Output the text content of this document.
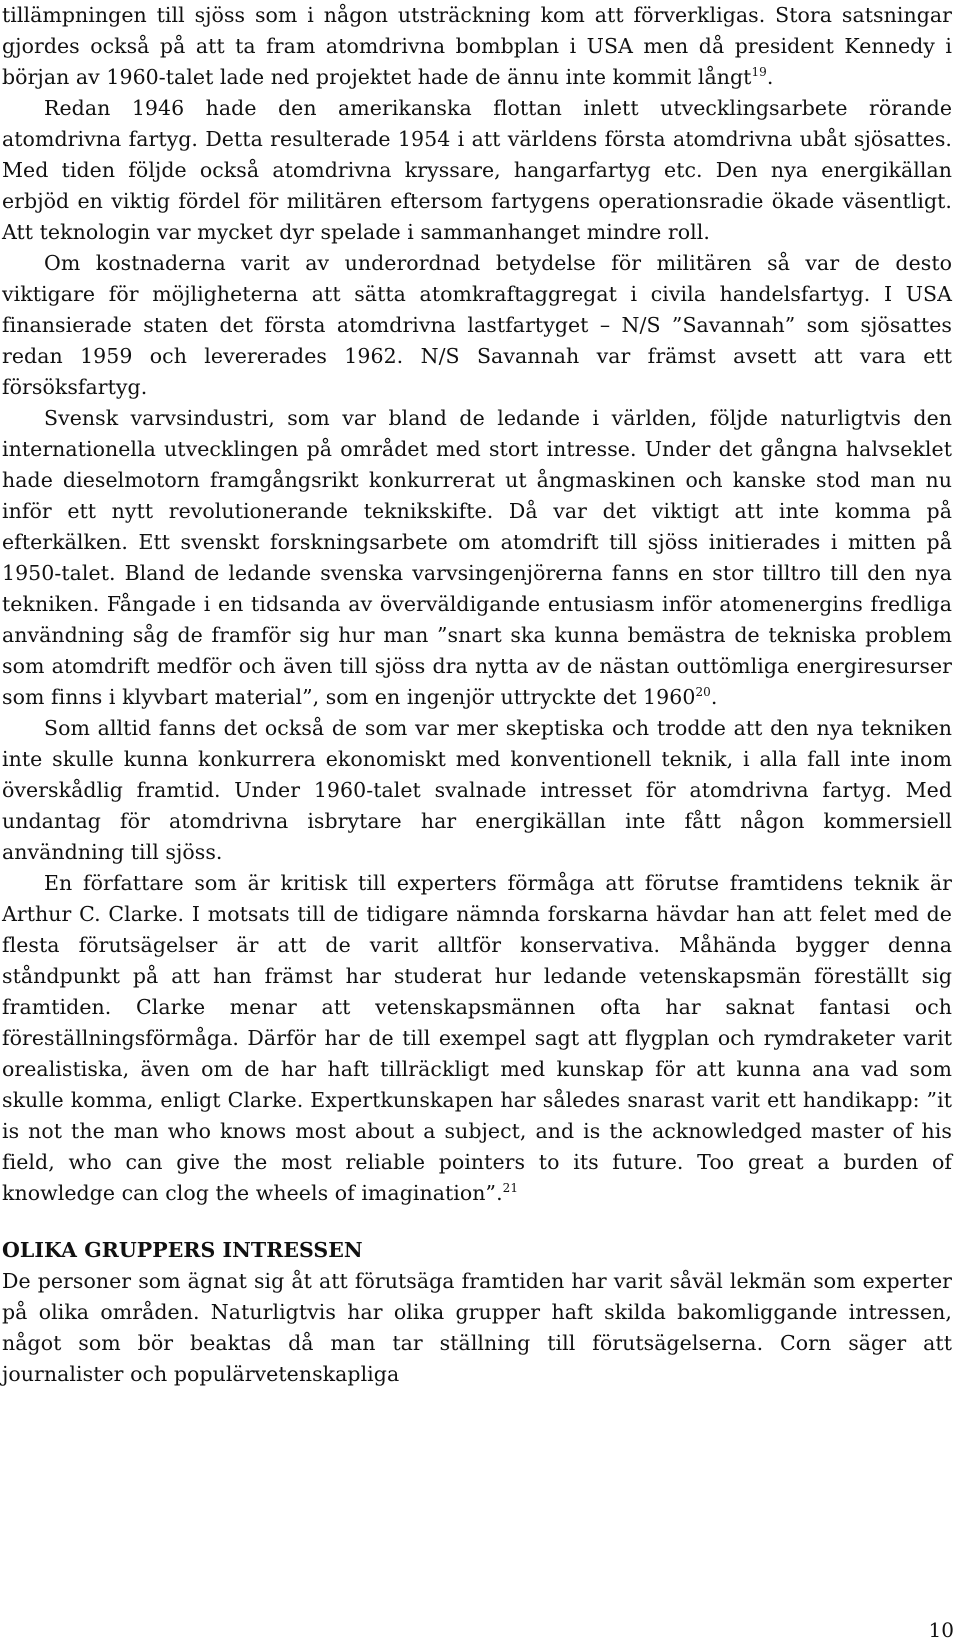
tillämpningen till sjöss som i någon utsträckning kom att förverkligas. Stora satsningar gjordes också på att ta fram atomdrivna bombplan i USA men då president Kennedy i början av 1960-talet lade ned projektet hade de ännu inte kommit långt$^{19}$.

Redan 1946 hade den amerikanska flottan inlett utvecklingsarbete rörande atomdrivna fartyg. Detta resulterade 1954 i att världens första atomdrivna ubåt sjösattes. Med tiden följde också atomdrivna kryssare, hangarfartyg etc. Den nya energikällan erbjöd en viktig fördel för militären eftersom fartygens operationsradie ökade väsentligt. Att teknologin var mycket dyr spelade i sammanhanget mindre roll.

Om kostnaderna varit av underordnad betydelse för militären så var de desto viktigare för möjligheterna att sätta atomkraftaggregat i civila handelsfartyg. I USA finansierade staten det första atomdrivna lastfartyget – N/S ”Savannah” som sjösattes redan 1959 och levererades 1962. N/S Savannah var främst avsett att vara ett försöksfartyg.

Svensk varvsindustri, som var bland de ledande i världen, följde naturligtvis den internationella utvecklingen på området med stort intresse. Under det gångna halvseklet hade dieselmotorn framgångsrikt konkurrerat ut ångmaskinen och kanske stod man nu inför ett nytt revolutionerande teknikskifte. Då var det viktigt att inte komma på efterkälken. Ett svenskt forskningsarbete om atomdrift till sjöss initierades i mitten på 1950-talet. Bland de ledande svenska varvsingenjörerna fanns en stor tilltro till den nya tekniken. Fångade i en tidsanda av överväldigande entusiasm inför atomenergins fredliga användning såg de framför sig hur man ”snart ska kunna bemästra de tekniska problem som atomdrift medför och även till sjöss dra nytta av de nästan outtömliga energiresurser som finns i klyvbart material”, som en ingenjör uttryckte det 1960$^{20}$.

Som alltid fanns det också de som var mer skeptiska och trodde att den nya tekniken inte skulle kunna konkurrera ekonomiskt med konventionell teknik, i alla fall inte inom överskådlig framtid. Under 1960-talet svalnade intresset för atomdrivna fartyg. Med undantag för atomdrivna isbrytare har energikällan inte fått någon kommersiell användning till sjöss.

En författare som är kritisk till experters förmåga att förutse framtidens teknik är Arthur C. Clarke. I motsats till de tidigare nämnda forskarna hävdar han att felet med de flesta förutsägelser är att de varit alltför konservativa. Måhända bygger denna ståndpunkt på att han främst har studerat hur ledande vetenskapsmän föreställt sig framtiden. Clarke menar att vetenskapsmännen ofta har saknat fantasi och föreställningsförmåga. Därför har de till exempel sagt att flygplan och rymdraketer varit orealistiska, även om de har haft tillräckligt med kunskap för att kunna ana vad som skulle komma, enligt Clarke. Expertkunskapen har således snarast varit ett handikapp: ”it is not the man who knows most about a subject, and is the acknowledged master of his field, who can give the most reliable pointers to its future. Too great a burden of knowledge can clog the wheels of imagination”.$^{21}$

OLIKA GRUPPERS INTRESSEN

De personer som ägnat sig åt att förutsäga framtiden har varit såväl lekmän som experter på olika områden. Naturligtvis har olika grupper haft skilda bakomliggande intressen, något som bör beaktas då man tar ställning till förutsägelserna. Corn säger att journalister och populärvetenskapliga

10
